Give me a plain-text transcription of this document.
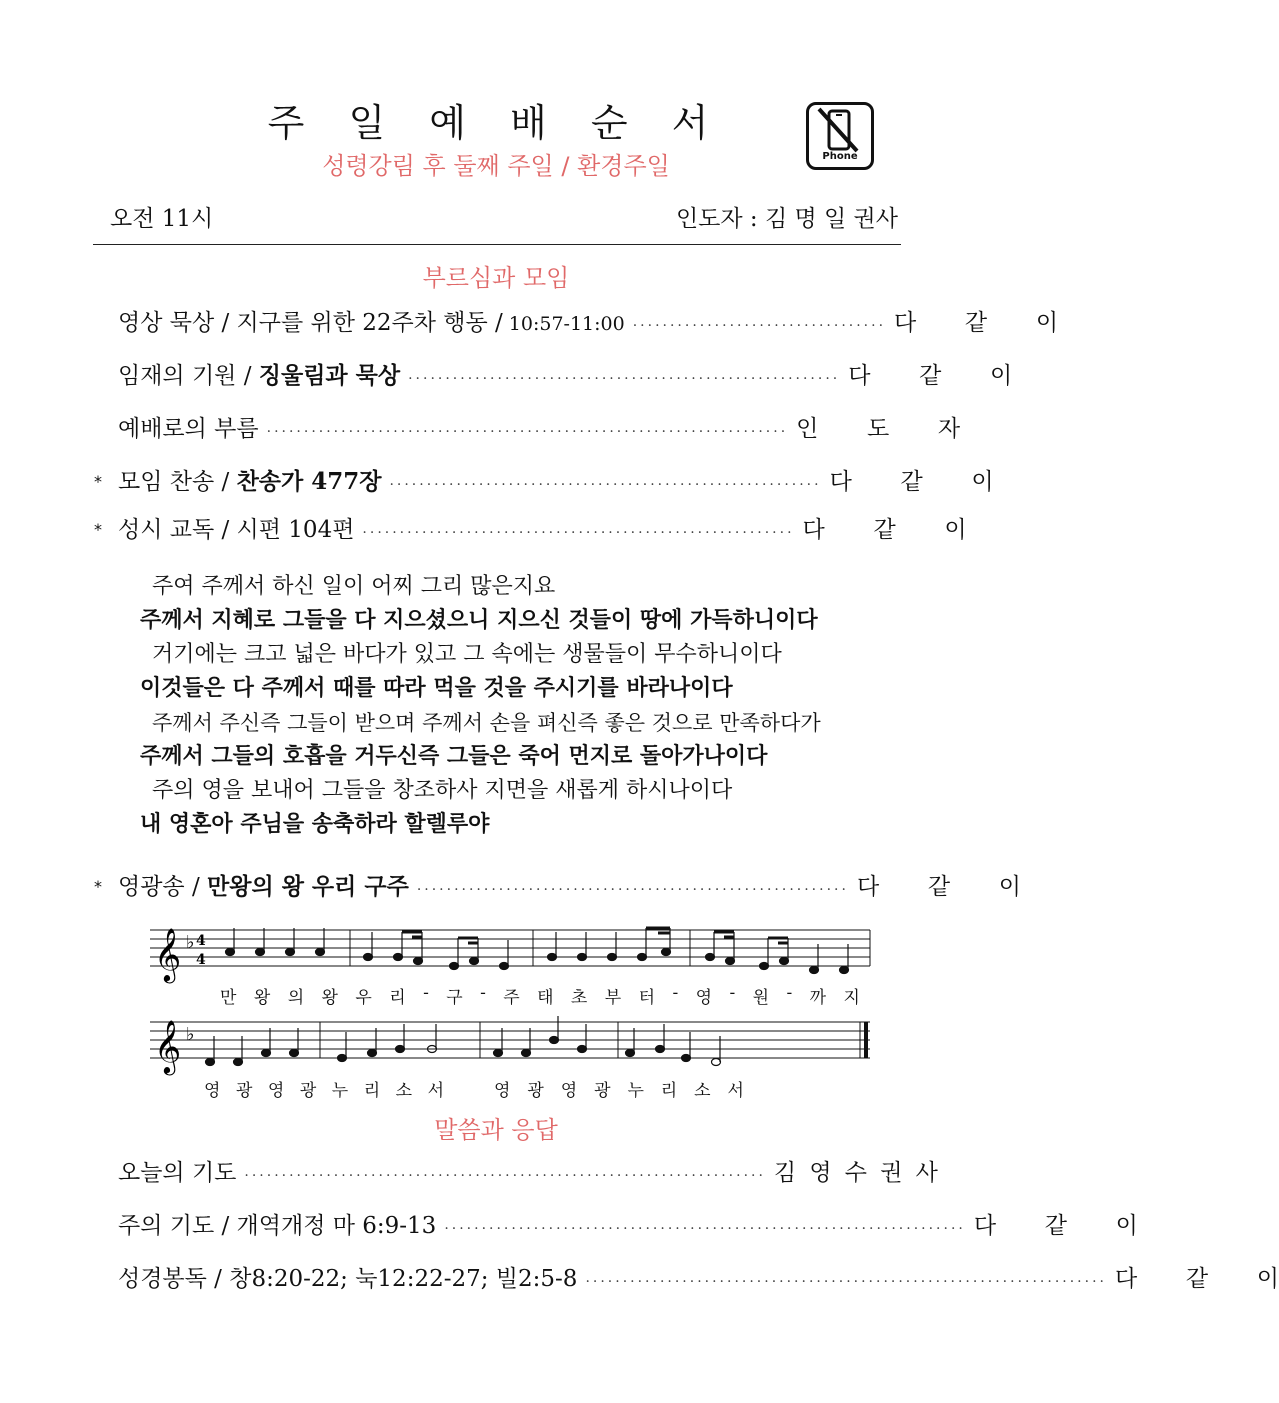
주 일 예 배 순 서
성령강림 후 둘째 주일 / 환경주일	Phone
오전 11시	인도자 : 김 명 일 권사
부르심과 모임
영상 묵상 / 지구를 위한 22주차 행동 / 10:57-11:00 ·································· 다 같 이
임재의 기원 / 징울림과 묵상 ·························································· 다 같 이
예배로의 부름 ······································································ 인 도 자
* 모임 찬송 / 찬송가 477장 ·························································· 다 같 이
* 성시 교독 / 시편 104편 ·························································· 다 같 이
주여 주께서 하신 일이 어찌 그리 많은지요
주께서 지혜로 그들을 다 지으셨으니 지으신 것들이 땅에 가득하니이다
거기에는 크고 넓은 바다가 있고 그 속에는 생물들이 무수하니이다
이것들은 다 주께서 때를 따라 먹을 것을 주시기를 바라나이다
주께서 주신즉 그들이 받으며 주께서 손을 펴신즉 좋은 것으로 만족하다가
주께서 그들의 호흡을 거두신즉 그들은 죽어 먼지로 돌아가나이다
주의 영을 보내어 그들을 창조하사 지면을 새롭게 하시나이다
내 영혼아 주님을 송축하라 할렐루야
* 영광송 / 만왕의 왕 우리 구주 ·························································· 다 같 이
𝄞 ♭ 4
4
만 왕 의 왕 우 리 - 구 - 주 태 초 부 터 - 영 - 원 - 까 지
𝄞 ♭
영 광 영 광 누 리 소 서	영 광 영 광 누 리 소 서
말씀과 응답
오늘의 기도 ······································································ 김 영 수 권 사
주의 기도 / 개역개정 마 6:9-13 ······································································ 다 같 이
성경봉독 / 창8:20-22; 눅12:22-27; 빌2:5-8 ······································································ 다 같 이
